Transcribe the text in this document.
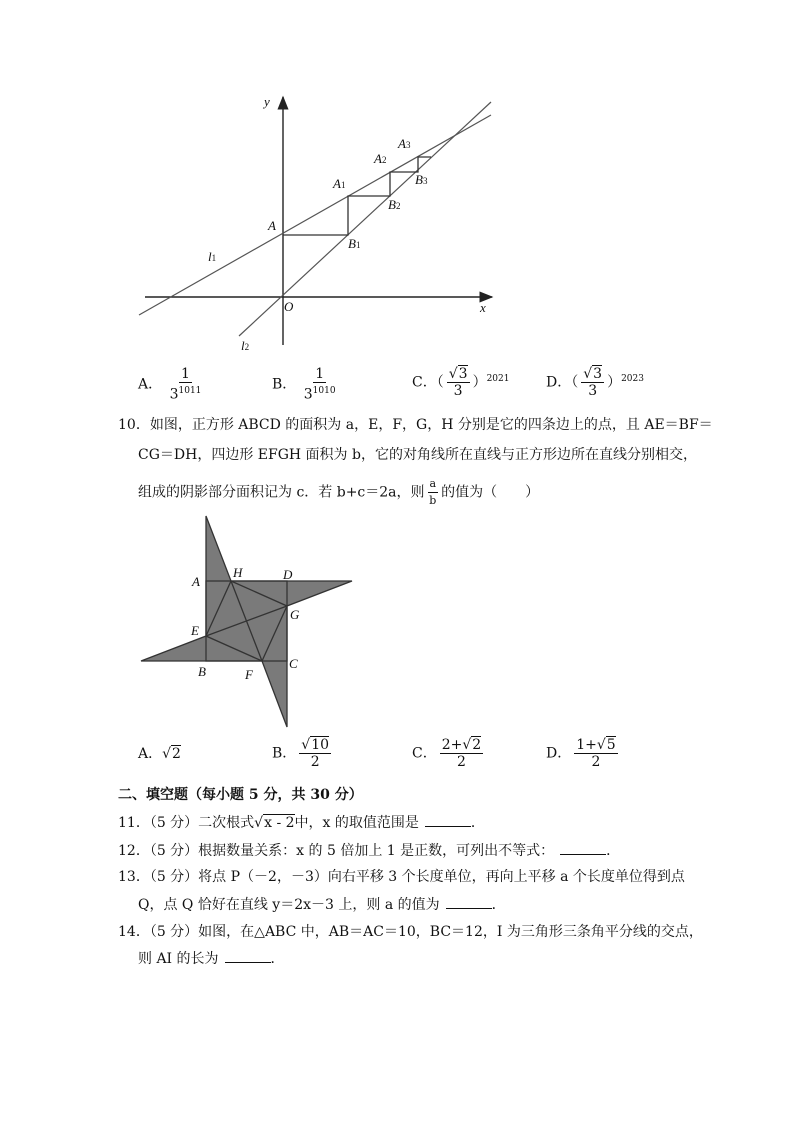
y
x
O
A
A1
A2
A3
B1
B2
B3
l1
l2
A． $\frac{1}{3^{1011}}$	B． $\frac{1}{3^{1010}}$	C．（ $\frac{√3}{3} )^{2021}$	D．（ $\frac{√3}{3} )^{2023}$
10．如图，正方形 ABCD 的面积为 a，E，F，G，H 分别是它的四条边上的点，且 AE＝BF＝
CG＝DH，四边形 EFGH 面积为 b，它的对角线所在直线与正方形边所在直线分别相交，
组成的阴影部分面积记为 c．若 b+c＝2a，则 $\frac{a}{b}$ 的值为（　　）
A
H	D
G
E
C
B	F
A．√2	B． $\frac{√10}{2}$	C． $\frac{2+√2}{2}$	D． $\frac{1+√5}{2}$
二、填空题（每小题 5 分，共 30 分）
11．（5 分）二次根式√x - 2中，x 的取值范围是	．
12．（5 分）根据数量关系：x 的 5 倍加上 1 是正数，可列出不等式：	．
13．（5 分）将点 P（－2，－3）向右平移 3 个长度单位，再向上平移 a 个长度单位得到点
Q，点 Q 恰好在直线 y＝2x－3 上，则 a 的值为	．
14．（5 分）如图，在△ABC 中，AB＝AC＝10，BC＝12，I 为三角形三条角平分线的交点，
则 AI 的长为	．
